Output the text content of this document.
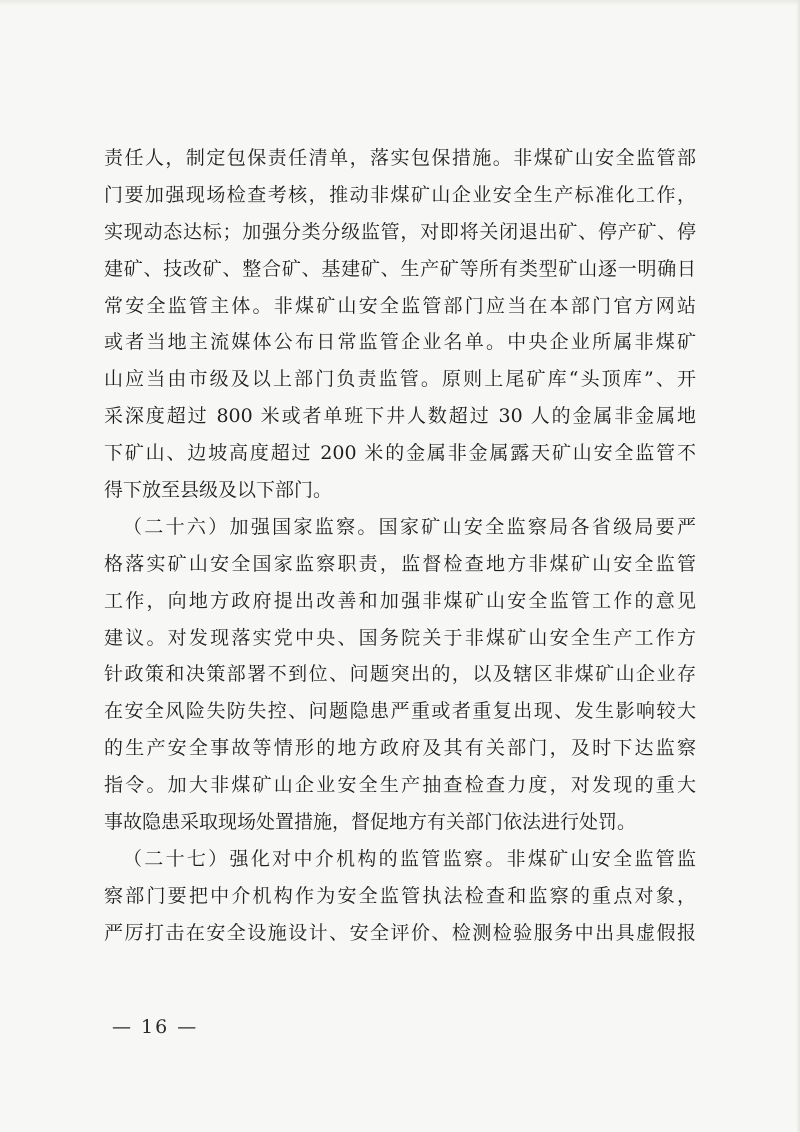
责任人，制定包保责任清单，落实包保措施。非煤矿山安全监管部
门要加强现场检查考核，推动非煤矿山企业安全生产标准化工作，
实现动态达标；加强分类分级监管，对即将关闭退出矿、停产矿、停
建矿、技改矿、整合矿、基建矿、生产矿等所有类型矿山逐一明确日
常安全监管主体。非煤矿山安全监管部门应当在本部门官方网站
或者当地主流媒体公布日常监管企业名单。中央企业所属非煤矿
山应当由市级及以上部门负责监管。原则上尾矿库“头顶库”、开
采深度超过 800 米或者单班下井人数超过 30 人的金属非金属地
下矿山、边坡高度超过 200 米的金属非金属露天矿山安全监管不
得下放至县级及以下部门。
（二十六）加强国家监察。国家矿山安全监察局各省级局要严
格落实矿山安全国家监察职责，监督检查地方非煤矿山安全监管
工作，向地方政府提出改善和加强非煤矿山安全监管工作的意见
建议。对发现落实党中央、国务院关于非煤矿山安全生产工作方
针政策和决策部署不到位、问题突出的，以及辖区非煤矿山企业存
在安全风险失防失控、问题隐患严重或者重复出现、发生影响较大
的生产安全事故等情形的地方政府及其有关部门，及时下达监察
指令。加大非煤矿山企业安全生产抽查检查力度，对发现的重大
事故隐患采取现场处置措施，督促地方有关部门依法进行处罚。
（二十七）强化对中介机构的监管监察。非煤矿山安全监管监
察部门要把中介机构作为安全监管执法检查和监察的重点对象，
严厉打击在安全设施设计、安全评价、检测检验服务中出具虚假报
— 16 —
